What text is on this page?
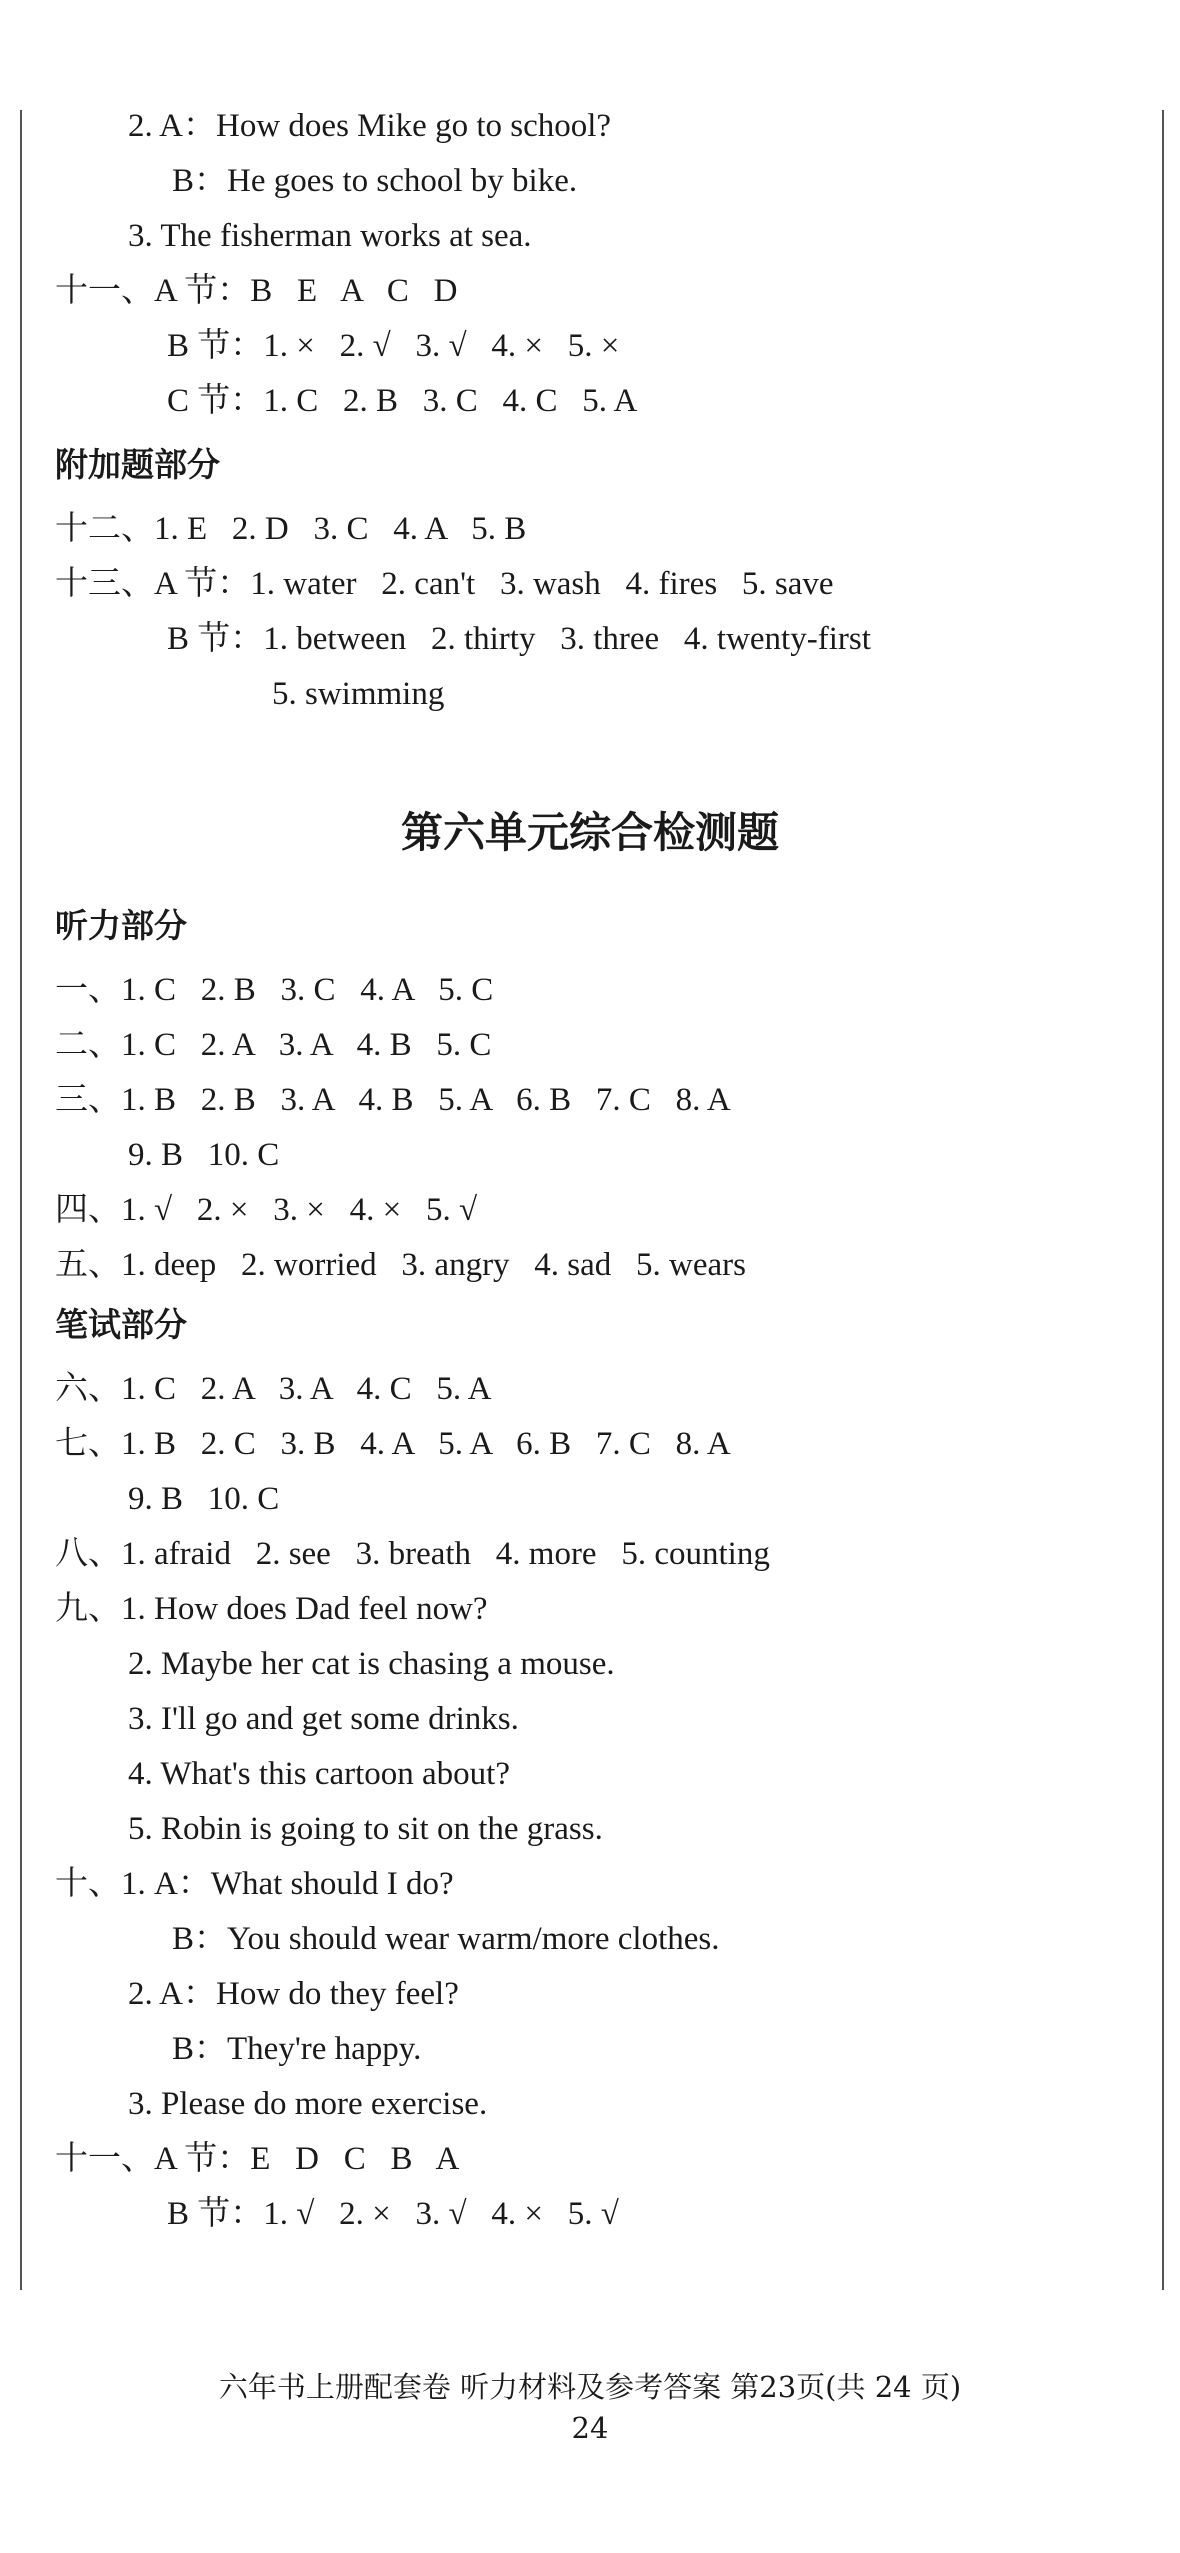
2. A：How does Mike go to school?
B：He goes to school by bike.
3. The fisherman works at sea.
十一、A 节：B   E   A   C   D
B 节：1. ×   2. √   3. √   4. ×   5. ×
C 节：1. C   2. B   3. C   4. C   5. A
附加题部分
十二、1. E   2. D   3. C   4. A   5. B
十三、A 节：1. water   2. can't   3. wash   4. fires   5. save
B 节：1. between   2. thirty   3. three   4. twenty-first
5. swimming
第六单元综合检测题
听力部分
一、1. C   2. B   3. C   4. A   5. C
二、1. C   2. A   3. A   4. B   5. C
三、1. B   2. B   3. A   4. B   5. A   6. B   7. C   8. A
9. B   10. C
四、1. √   2. ×   3. ×   4. ×   5. √
五、1. deep   2. worried   3. angry   4. sad   5. wears
笔试部分
六、1. C   2. A   3. A   4. C   5. A
七、1. B   2. C   3. B   4. A   5. A   6. B   7. C   8. A
9. B   10. C
八、1. afraid   2. see   3. breath   4. more   5. counting
九、1. How does Dad feel now?
2. Maybe her cat is chasing a mouse.
3. I'll go and get some drinks.
4. What's this cartoon about?
5. Robin is going to sit on the grass.
十、1. A：What should I do?
B：You should wear warm/more clothes.
2. A：How do they feel?
B：They're happy.
3. Please do more exercise.
十一、A 节：E   D   C   B   A
B 节：1. √   2. ×   3. √   4. ×   5. √
六年书上册配套卷 听力材料及参考答案 第23页(共 24 页)
24
